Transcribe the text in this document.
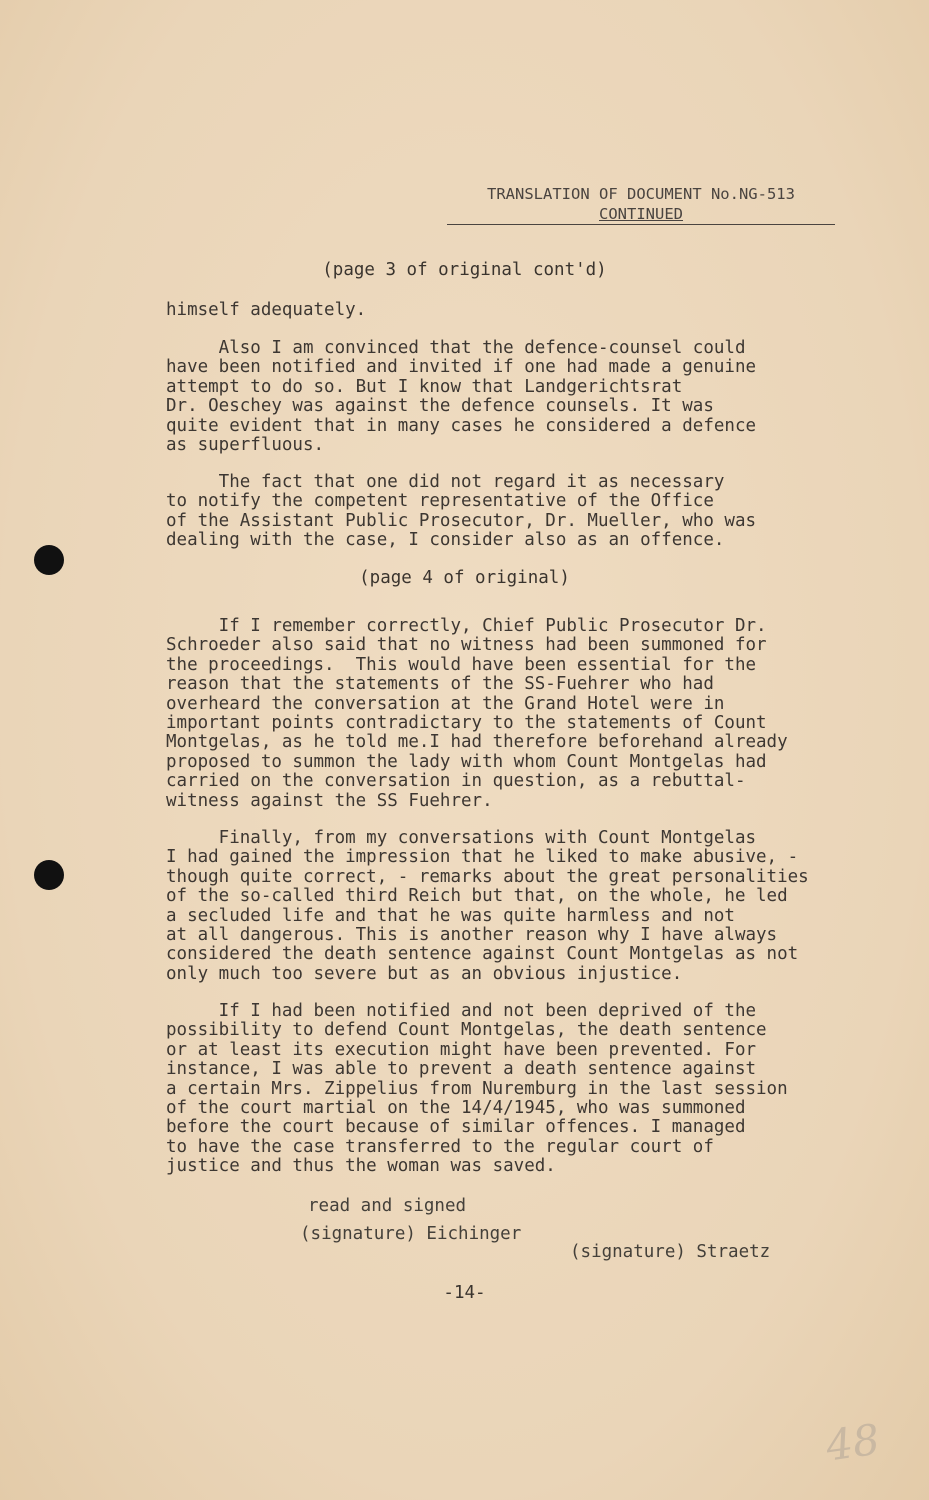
TRANSLATION OF DOCUMENT No.NG-513
CONTINUED
(page 3 of original cont'd)

himself adequately.

Also I am convinced that the defence-counsel could
have been notified and invited if one had made a genuine
attempt to do so. But I know that Landgerichtsrat
Dr. Oeschey was against the defence counsels. It was
quite evident that in many cases he considered a defence
as superfluous.

The fact that one did not regard it as necessary
to notify the competent representative of the Office
of the Assistant Public Prosecutor, Dr. Mueller, who was
dealing with the case, I consider also as an offence.

(page 4 of original)

If I remember correctly, Chief Public Prosecutor Dr.
Schroeder also said that no witness had been summoned for
the proceedings.  This would have been essential for the
reason that the statements of the SS-Fuehrer who had
overheard the conversation at the Grand Hotel were in
important points contradictary to the statements of Count
Montgelas, as he told me.I had therefore beforehand already
proposed to summon the lady with whom Count Montgelas had
carried on the conversation in question, as a rebuttal-
witness against the SS Fuehrer.

Finally, from my conversations with Count Montgelas
I had gained the impression that he liked to make abusive, -
though quite correct, - remarks about the great personalities
of the so-called third Reich but that, on the whole, he led
a secluded life and that he was quite harmless and not
at all dangerous. This is another reason why I have always
considered the death sentence against Count Montgelas as not
only much too severe but as an obvious injustice.

If I had been notified and not been deprived of the
possibility to defend Count Montgelas, the death sentence
or at least its execution might have been prevented. For
instance, I was able to prevent a death sentence against
a certain Mrs. Zippelius from Nuremburg in the last session
of the court martial on the 14/4/1945, who was summoned
before the court because of similar offences. I managed
to have the case transferred to the regular court of
justice and thus the woman was saved.

read and signed
(signature) Eichinger
(signature) Straetz
-14-
48
